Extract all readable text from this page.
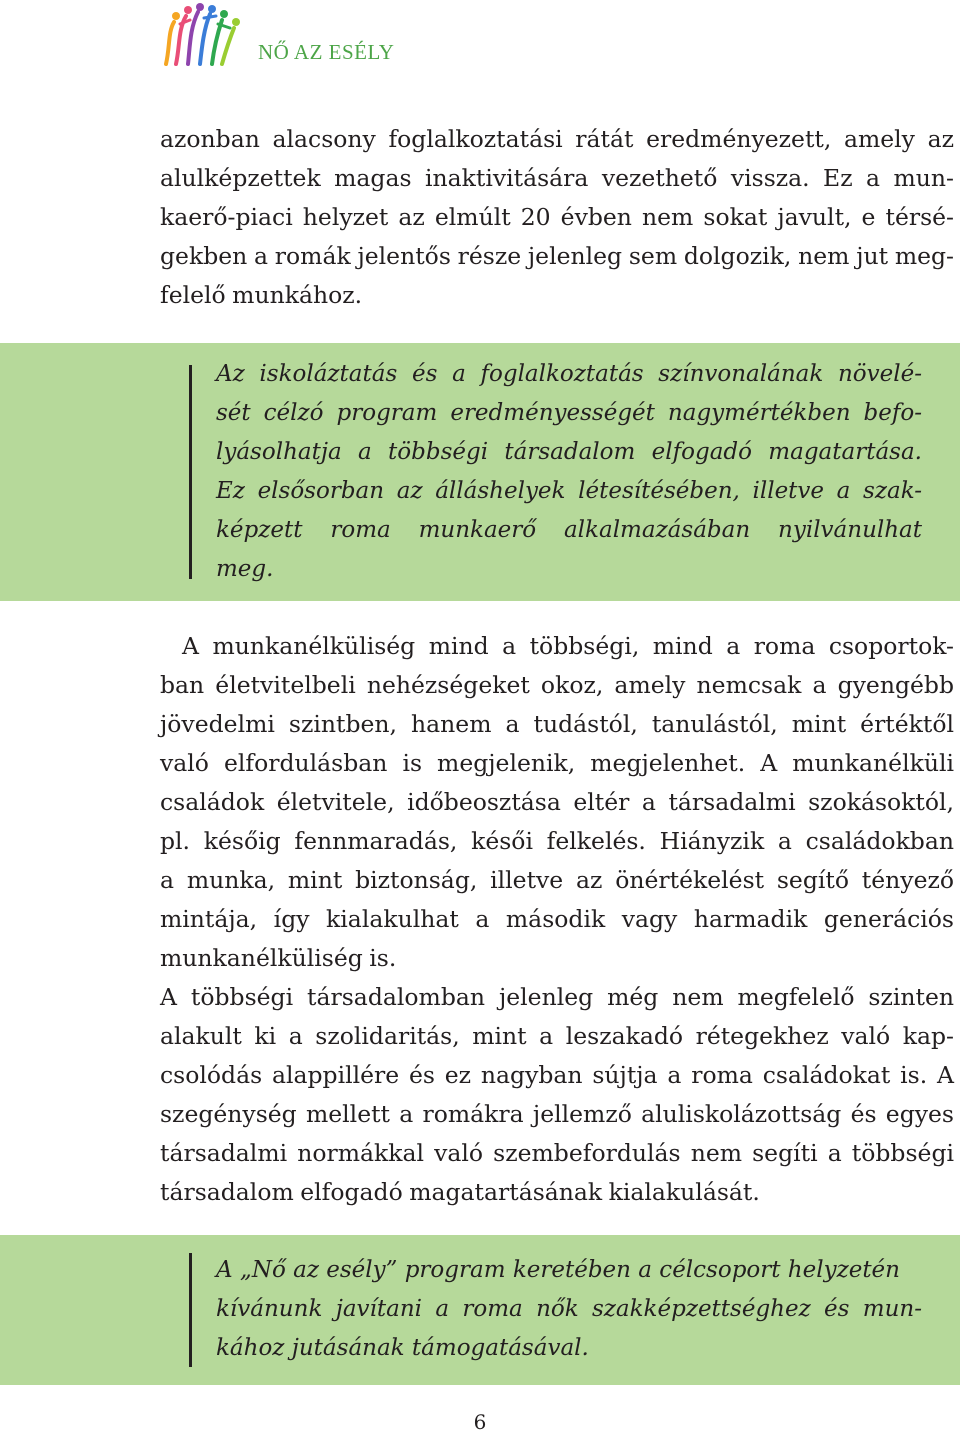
NŐ AZ ESÉLY
azonban alacsony foglalkoztatási rátát eredményezett, amely az
alulképzettek magas inaktivitására vezethető vissza. Ez a mun-
kaerő-piaci helyzet az elmúlt 20 évben nem sokat javult, e térsé-
gekben a romák jelentős része jelenleg sem dolgozik, nem jut meg-
felelő munkához.
Az iskoláztatás és a foglalkoztatás színvonalának növelé-
sét célzó program eredményességét nagymértékben befo-
lyásolhatja a többségi társadalom elfogadó magatartása.
Ez elsősorban az álláshelyek létesítésében, illetve a szak-
képzett roma munkaerő alkalmazásában nyilvánulhat
meg.
A munkanélküliség mind a többségi, mind a roma csoportok-
ban életvitelbeli nehézségeket okoz, amely nemcsak a gyengébb
jövedelmi szintben, hanem a tudástól, tanulástól, mint értéktől
való elfordulásban is megjelenik, megjelenhet. A munkanélküli
családok életvitele, időbeosztása eltér a társadalmi szokásoktól,
pl. későig fennmaradás, késői felkelés. Hiányzik a családokban
a munka, mint biztonság, illetve az önértékelést segítő tényező
mintája, így kialakulhat a második vagy harmadik generációs
munkanélküliség is.
A többségi társadalomban jelenleg még nem megfelelő szinten
alakult ki a szolidaritás, mint a leszakadó rétegekhez való kap-
csolódás alappillére és ez nagyban sújtja a roma családokat is. A
szegénység mellett a romákra jellemző aluliskolázottság és egyes
társadalmi normákkal való szembefordulás nem segíti a többségi
társadalom elfogadó magatartásának kialakulását.
A „Nő az esély” program keretében a célcsoport helyzetén
kívánunk javítani a roma nők szakképzettséghez és mun-
kához jutásának támogatásával.
6
